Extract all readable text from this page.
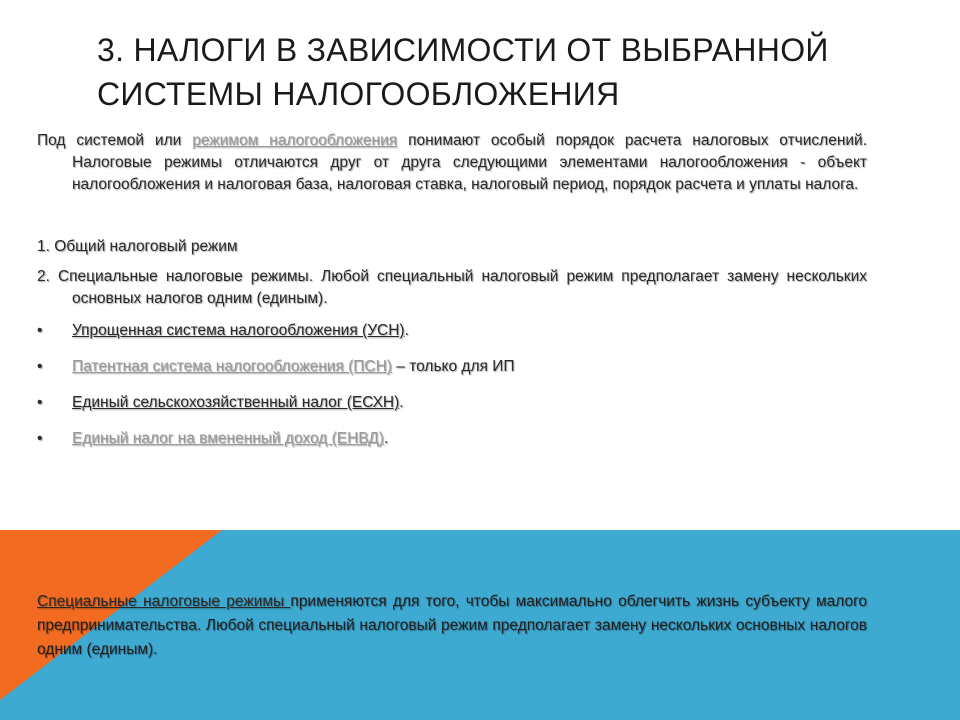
3. НАЛОГИ В ЗАВИСИМОСТИ ОТ ВЫБРАННОЙ СИСТЕМЫ НАЛОГООБЛОЖЕНИЯ

Под системой или режимом налогообложения понимают особый порядок расчета налоговых отчислений. Налоговые режимы отличаются друг от друга следующими элементами налогообложения - объект налогообложения и налоговая база, налоговая ставка, налоговый период, порядок расчета и уплаты налога.

1. Общий налоговый режим

2. Специальные налоговые режимы. Любой специальный налоговый режим предполагает замену нескольких основных налогов одним (единым).

• Упрощенная система налогообложения (УСН).
• Патентная система налогообложения (ПСН) – только для ИП
• Единый сельскохозяйственный налог (ЕСХН).
• Единый налог на вмененный доход (ЕНВД).

Специальные налоговые режимы применяются для того, чтобы максимально облегчить жизнь субъекту малого предпринимательства. Любой специальный налоговый режим предполагает замену нескольких основных налогов одним (единым).
